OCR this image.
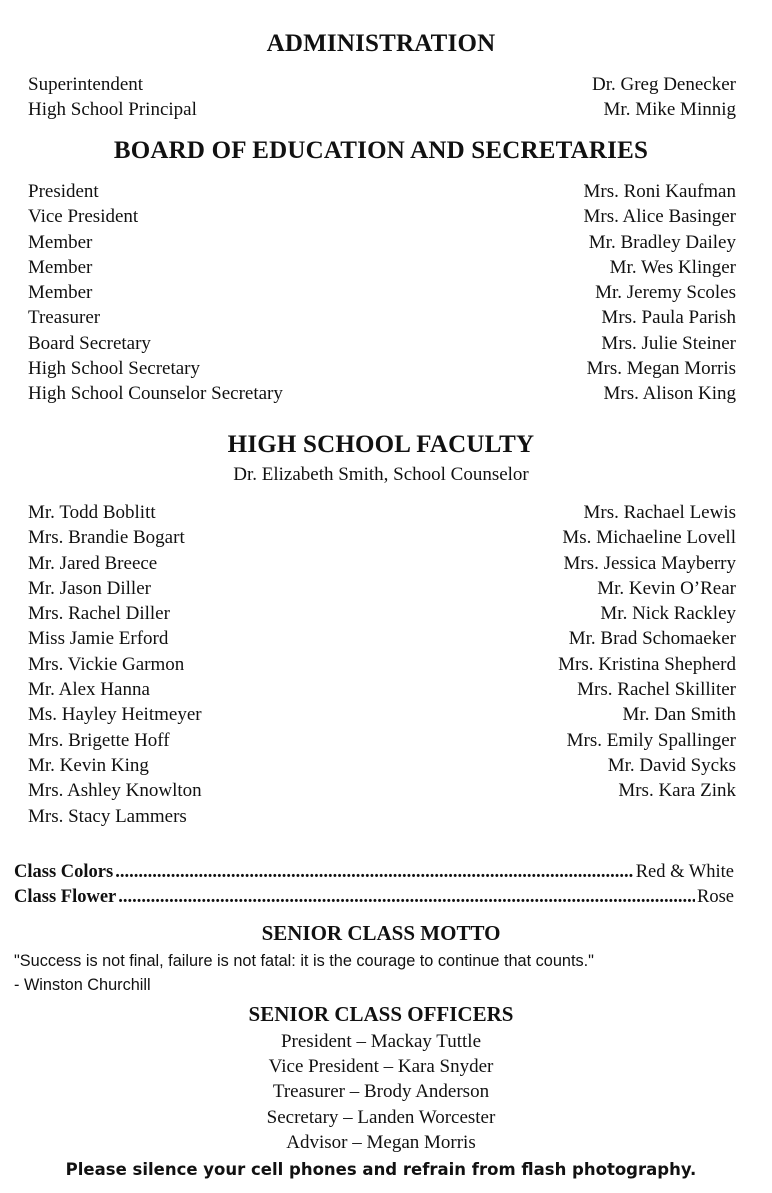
ADMINISTRATION
Superintendent
High School Principal
Dr. Greg Denecker
Mr. Mike Minnig
BOARD OF EDUCATION AND SECRETARIES
President
Vice President
Member
Member
Member
Treasurer
Board Secretary
High School Secretary
High School Counselor Secretary
Mrs. Roni Kaufman
Mrs. Alice Basinger
Mr. Bradley Dailey
Mr. Wes Klinger
Mr. Jeremy Scoles
Mrs. Paula Parish
Mrs. Julie Steiner
Mrs. Megan Morris
Mrs. Alison King
HIGH SCHOOL FACULTY
Dr. Elizabeth Smith, School Counselor
Mr. Todd Boblitt
Mrs. Brandie Bogart
Mr. Jared Breece
Mr. Jason Diller
Mrs. Rachel Diller
Miss Jamie Erford
Mrs. Vickie Garmon
Mr. Alex Hanna
Ms. Hayley Heitmeyer
Mrs. Brigette Hoff
Mr. Kevin King
Mrs. Ashley Knowlton
Mrs. Stacy Lammers
Mrs. Rachael Lewis
Ms. Michaeline Lovell
Mrs. Jessica Mayberry
Mr. Kevin O’Rear
Mr. Nick Rackley
Mr. Brad Schomaeker
Mrs. Kristina Shepherd
Mrs. Rachel Skilliter
Mr. Dan Smith
Mrs. Emily Spallinger
Mr. David Sycks
Mrs. Kara Zink
Class Colors .....	Red & White
Class Flower .....	Rose
SENIOR CLASS MOTTO
"Success is not final, failure is not fatal: it is the courage to continue that counts."
- Winston Churchill
SENIOR CLASS OFFICERS
President – Mackay Tuttle
Vice President – Kara Snyder
Treasurer – Brody Anderson
Secretary – Landen Worcester
Advisor – Megan Morris
Please silence your cell phones and refrain from flash photography.
